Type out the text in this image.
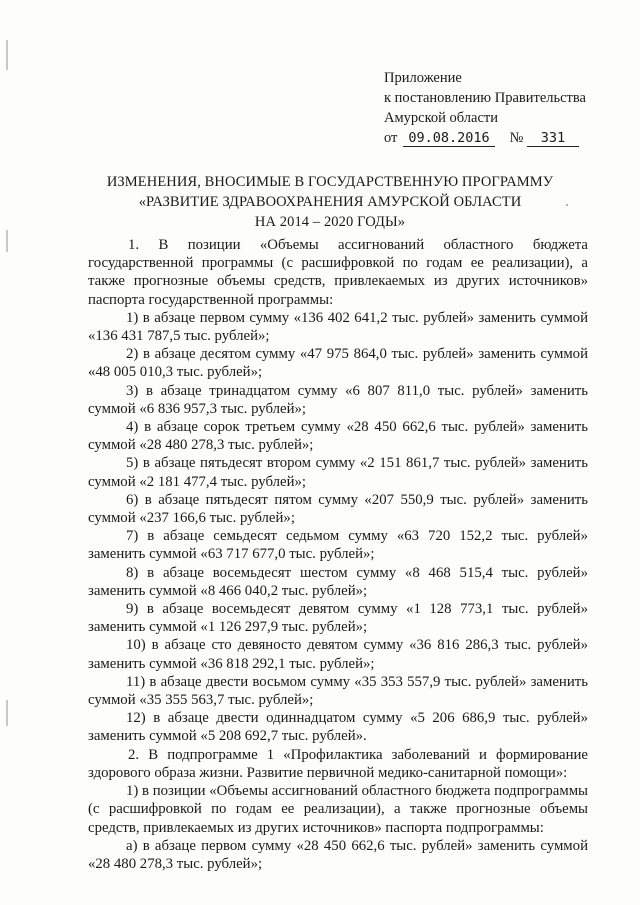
Приложение
к постановлению Правительства
Амурской области
от 09.08.2016 № 331
ИЗМЕНЕНИЯ, ВНОСИМЫЕ В ГОСУДАРСТВЕННУЮ ПРОГРАММУ
«РАЗВИТИЕ ЗДРАВООХРАНЕНИЯ АМУРСКОЙ ОБЛАСТИ
НА 2014 – 2020 ГОДЫ»

1. В позиции «Объемы ассигнований областного бюджета государственной программы (с расшифровкой по годам ее реализации), а также прогнозные объемы средств, привлекаемых из других источников» паспорта государственной программы:

1) в абзаце первом сумму «136 402 641,2 тыс. рублей» заменить суммой «136 431 787,5 тыс. рублей»;

2) в абзаце десятом сумму «47 975 864,0 тыс. рублей» заменить суммой «48 005 010,3 тыс. рублей»;

3) в абзаце тринадцатом сумму «6 807 811,0 тыс. рублей» заменить суммой «6 836 957,3 тыс. рублей»;

4) в абзаце сорок третьем сумму «28 450 662,6 тыс. рублей» заменить суммой «28 480 278,3 тыс. рублей»;

5) в абзаце пятьдесят втором сумму «2 151 861,7 тыс. рублей» заменить суммой «2 181 477,4 тыс. рублей»;

6) в абзаце пятьдесят пятом сумму «207 550,9 тыс. рублей» заменить суммой «237 166,6 тыс. рублей»;

7) в абзаце семьдесят седьмом сумму «63 720 152,2 тыс. рублей» заменить суммой «63 717 677,0 тыс. рублей»;

8) в абзаце восемьдесят шестом сумму «8 468 515,4 тыс. рублей» заменить суммой «8 466 040,2 тыс. рублей»;

9) в абзаце восемьдесят девятом сумму «1 128 773,1 тыс. рублей» заменить суммой «1 126 297,9 тыс. рублей»;

10) в абзаце сто девяносто девятом сумму «36 816 286,3 тыс. рублей» заменить суммой «36 818 292,1 тыс. рублей»;

11) в абзаце двести восьмом сумму «35 353 557,9 тыс. рублей» заменить суммой «35 355 563,7 тыс. рублей»;

12) в абзаце двести одиннадцатом сумму «5 206 686,9 тыс. рублей» заменить суммой «5 208 692,7 тыс. рублей».

2. В подпрограмме 1 «Профилактика заболеваний и формирование здорового образа жизни. Развитие первичной медико-санитарной помощи»:

1) в позиции «Объемы ассигнований областного бюджета подпрограммы (с расшифровкой по годам ее реализации), а также прогнозные объемы средств, привлекаемых из других источников» паспорта подпрограммы:

а) в абзаце первом сумму «28 450 662,6 тыс. рублей» заменить суммой «28 480 278,3 тыс. рублей»;
